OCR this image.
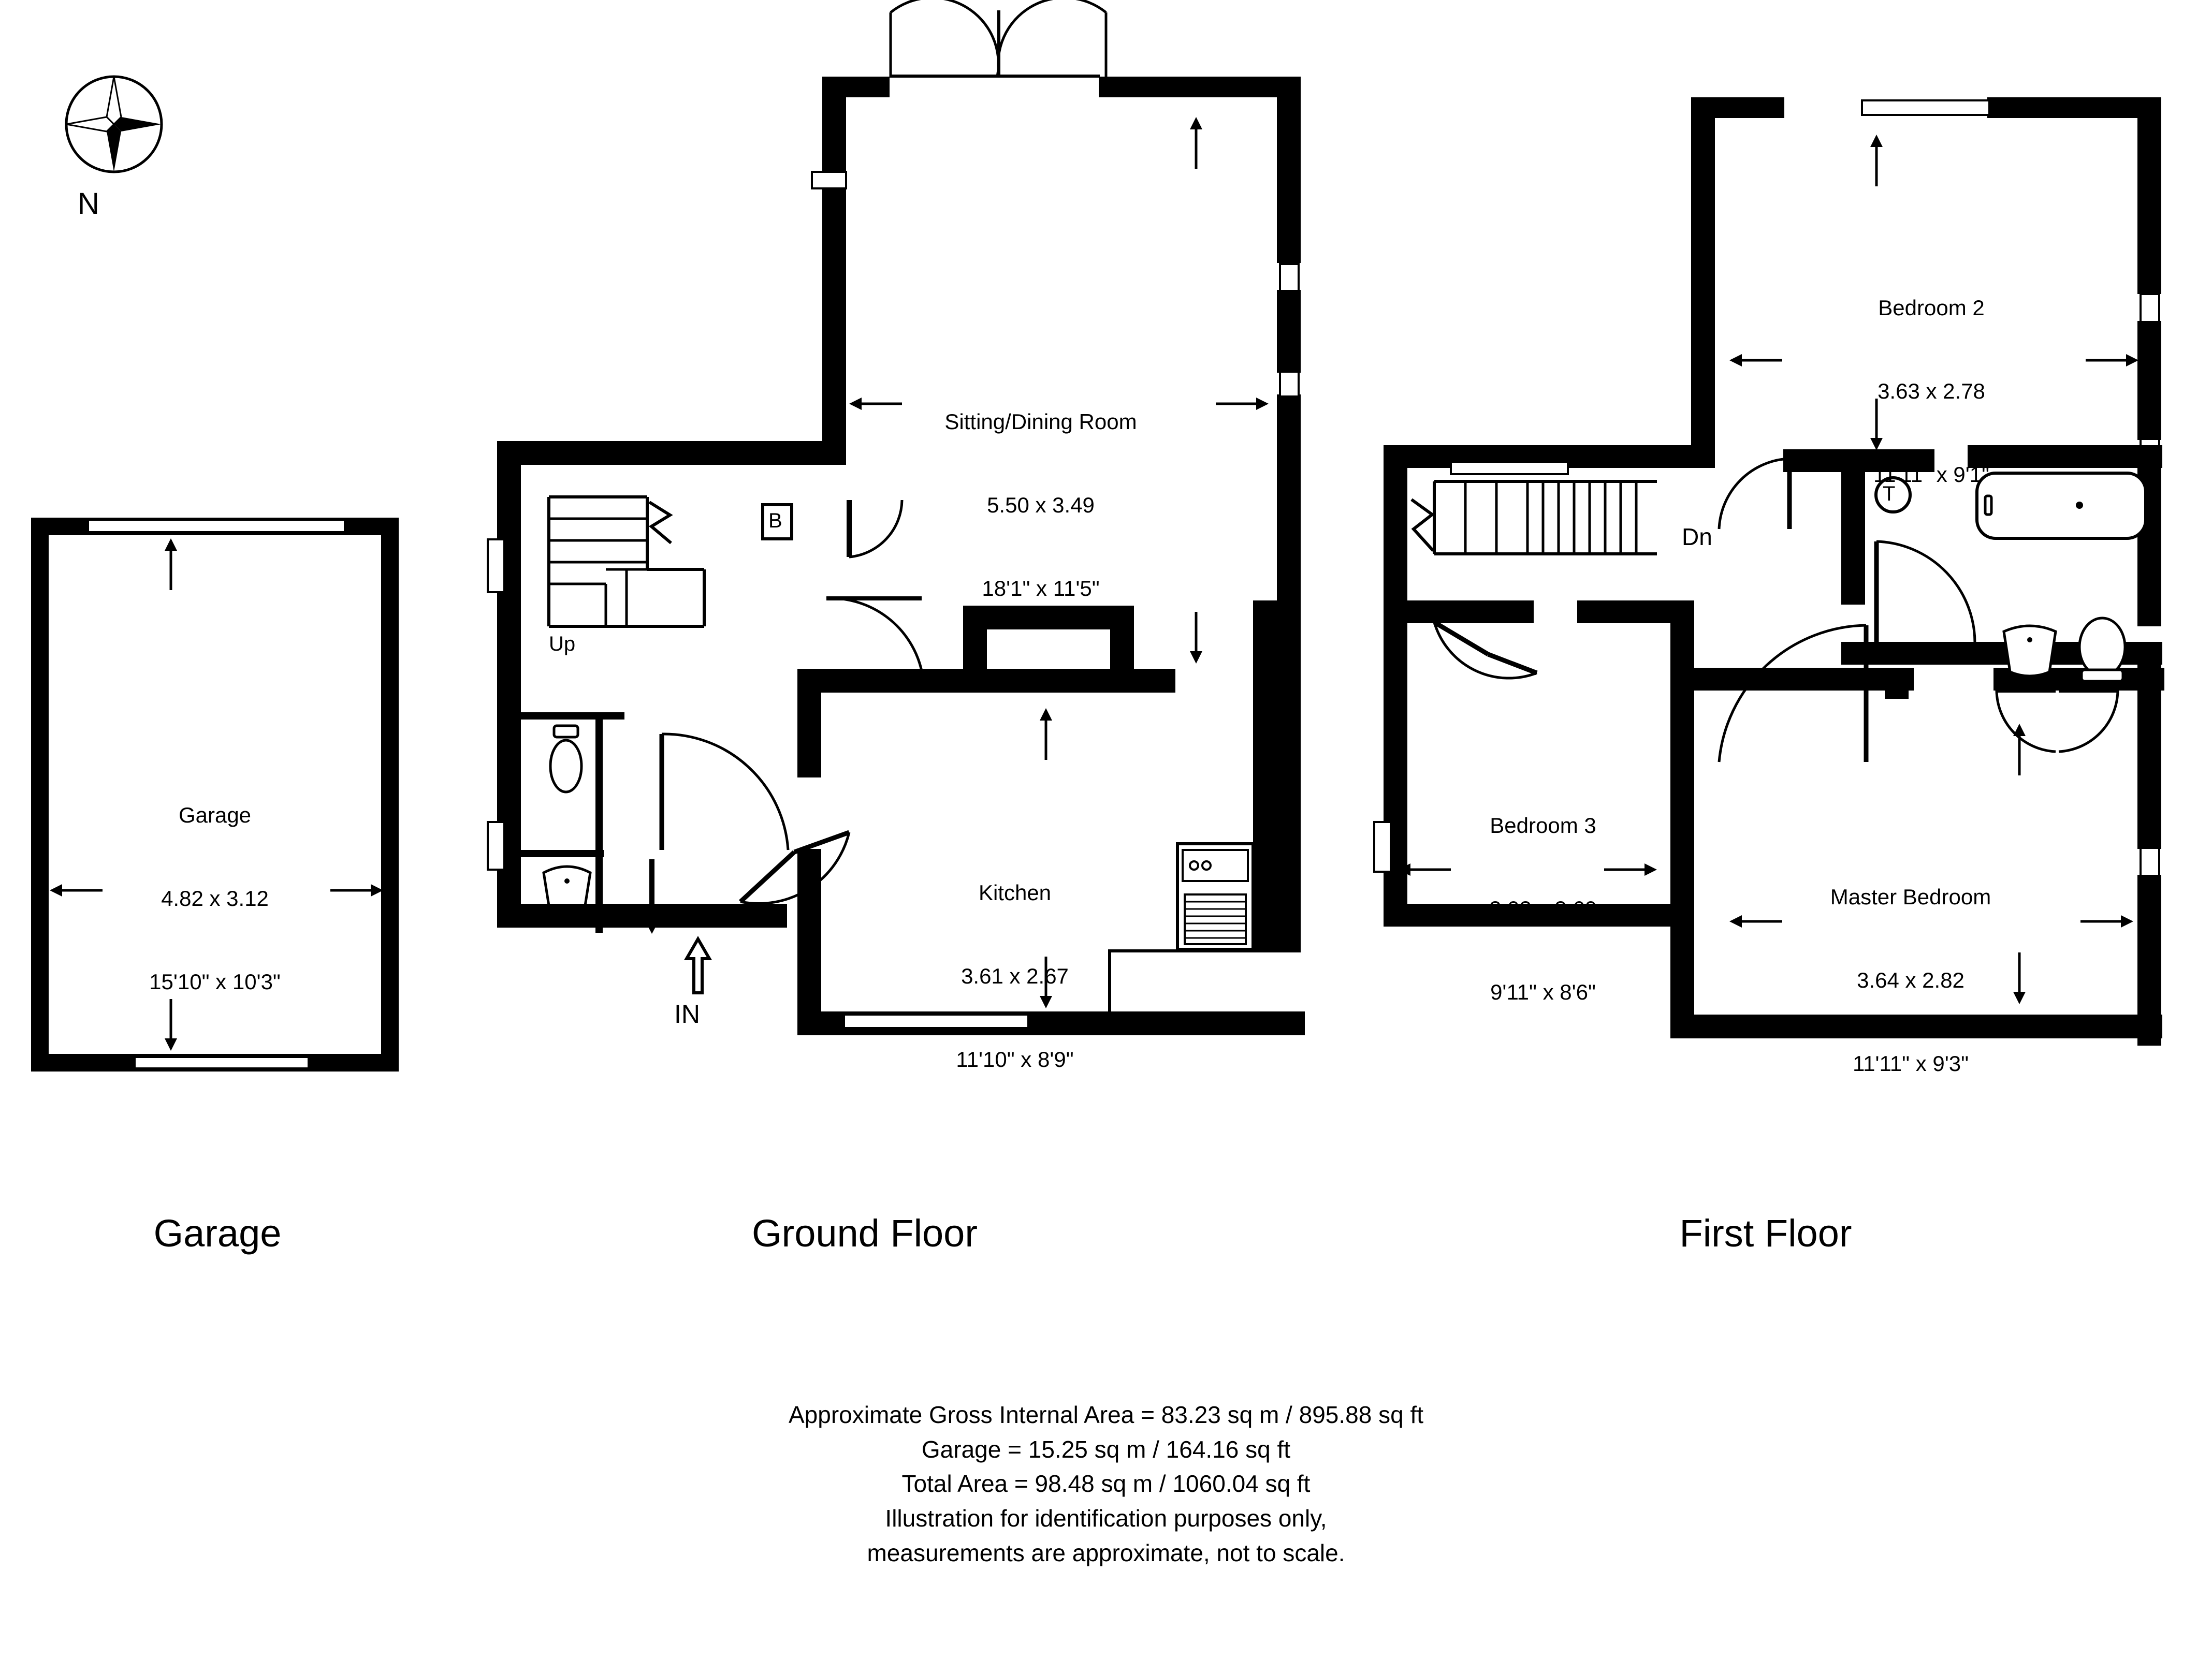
N

Garage

4.82 x 3.12

15'10" x 10'3"

Up
B
IN

Sitting/Dining Room

5.50 x 3.49

18'1" x 11'5"

Kitchen

3.61 x 2.67

11'10" x 8'9"

Dn
T

Bedroom 2

3.63 x 2.78

11'11" x 9'1"

Bedroom 3

3.03 x 2.60

9'11" x 8'6"

Master Bedroom

3.64 x 2.82

11'11" x 9'3"

Garage	Ground Floor	First Floor
Approximate Gross Internal Area = 83.23 sq m / 895.88 sq ft
Garage = 15.25 sq m / 164.16 sq ft
Total Area = 98.48 sq m / 1060.04 sq ft
Illustration for identification purposes only,
measurements are approximate, not to scale.
